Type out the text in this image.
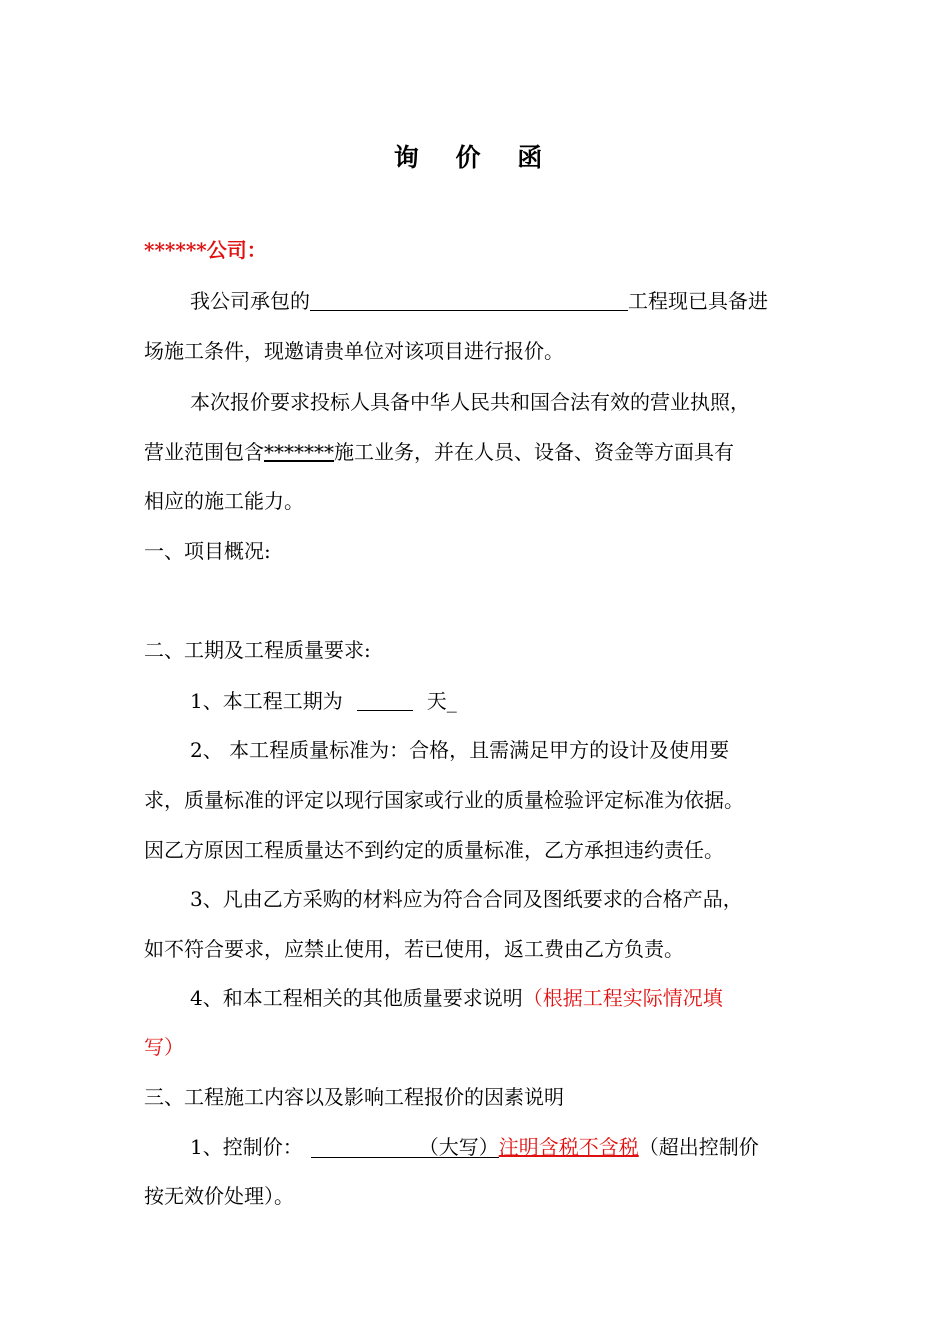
询 价 函
******公司：
我公司承包的	工程现已具备进
场施工条件，现邀请贵单位对该项目进行报价。
本次报价要求投标人具备中华人民共和国合法有效的营业执照，
营业范围包含*******施工业务，并在人员、设备、资金等方面具有
相应的施工能力。
一、项目概况:
二、工期及工程质量要求:
1、本工程工期为	天_
2、 本工程质量标准为：合格，且需满足甲方的设计及使用要
求，质量标准的评定以现行国家或行业的质量检验评定标准为依据。
因乙方原因工程质量达不到约定的质量标准，乙方承担违约责任。
3、凡由乙方采购的材料应为符合合同及图纸要求的合格产品，
如不符合要求，应禁止使用，若已使用，返工费由乙方负责。
4、和本工程相关的其他质量要求说明（根据工程实际情况填
写）
三、工程施工内容以及影响工程报价的因素说明
1、控制价：	（大写）注明含税不含税（超出控制价
按无效价处理）。
